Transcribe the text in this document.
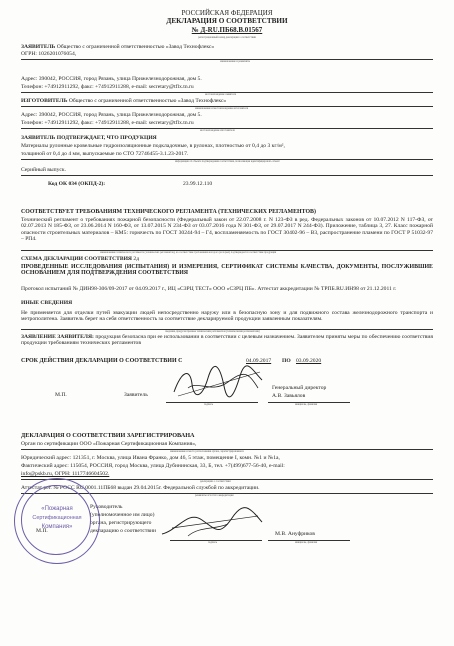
РОССИЙСКАЯ ФЕДЕРАЦИЯ
ДЕКЛАРАЦИЯ О СООТВЕТСТВИИ
№ Д-RU.ПБ68.В.01567
регистрационный номер декларации о соответствии
ЗАЯВИТЕЛЬ Общество с ограниченной ответственностью «Завод Технофлекс»
ОГРН: 1026201076054,
наименование и реквизиты
Адрес: 390042, РОССИЯ, город Рязань, улица Прижелезнодорожная, дом 5.
Телефон: +74912911292, факс: +74912911288, e-mail: secretary@tflx.tn.ru
местонахождение заявителя
ИЗГОТОВИТЕЛЬ Общество с ограниченной ответственностью «Завод Технофлекс»
наименование и местонахождение изготовителя
Адрес: 390042, РОССИЯ, город Рязань, улица Прижелезнодорожная, дом 5.
Телефон: +74912911292, факс: +74912911288, e-mail: secretary@tflx.tn.ru
местонахождение изготовителя
ЗАЯВИТЕЛЬ ПОДТВЕРЖДАЕТ, ЧТО ПРОДУКЦИЯ
Материалы рулонные кровельные гидроизоляционные подкладочные, в рулонах, плотностью от 0,4 до 3 кг/м²,
толщиной от 0,4 до 4 мм, выпускаемые по СТО 72746455-3.1.23-2017.
информация об объекте подтверждения соответствия, позволяющая идентифицировать объект
Серийный выпуск.
Код ОК 034 (ОКПД-2):	23.99.12.110
СООТВЕТСТВУЕТ ТРЕБОВАНИЯМ ТЕХНИЧЕСКОГО РЕГЛАМЕНТА (ТЕХНИЧЕСКИХ РЕГЛАМЕНТОВ)
Технический регламент о требованиях пожарной безопасности (Федеральный закон от 22.07.2008 г. N 123-ФЗ в ред. Федеральных законов от 10.07.2012 N 117-ФЗ, от 02.07.2013 N 185-ФЗ, от 23.06.2014 N 160-ФЗ, от 13.07.2015 N 234-ФЗ от 03.07.2016 года N 301-ФЗ, от 29.07.2017 N 244-ФЗ). Приложение, таблица 3, 27. Класс пожарной опасности строительных материалов – КМ5: горючесть по ГОСТ 30244-94 – Г4, воспламеняемость по ГОСТ 30402-96 – В3, распространение пламени по ГОСТ Р 51032-97 – РП4.
наименование технического регламента (технических регламентов), на соответствие требованиям которого (которых) подтверждается соответствие продукции
СХЕМА ДЕКЛАРАЦИИ СООТВЕТСТВИЯ 2д
ПРОВЕДЕННЫЕ ИССЛЕДОВАНИЯ (ИСПЫТАНИЯ) И ИЗМЕРЕНИЯ, СЕРТИФИКАТ СИСТЕМЫ КАЧЕСТВА, ДОКУМЕНТЫ, ПОСЛУЖИВШИЕ ОСНОВАНИЕМ ДЛЯ ПОДТВЕРЖДЕНИЯ СООТВЕТСТВИЯ
Протокол испытаний № ДИН98-306/09-2017 от 04.09.2017 г., ИЦ «СЗРЦ ТЕСТ» ООО «СЗРЦ ПБ». Аттестат аккредитации № ТРПБ.RU.ИН98 от 21.12.2011 г.
ИНЫЕ СВЕДЕНИЯ
Не применяется для отделки путей эвакуации людей непосредственно наружу или в безопасную зону и для подвижного состава железнодорожного транспорта и метрополитена. Заявитель берет на себя ответственность за соответствие декларируемой продукции заявленным показателям.
сведения, предусмотренные техническим регламентом (техническими регламентами)
ЗАЯВЛЕНИЕ ЗАЯВИТЕЛЯ: продукция безопасна при ее использовании в соответствии с целевым назначением. Заявителем приняты меры по обеспечению соответствия продукции требованиям технических регламентов
СРОК ДЕЙСТВИЯ ДЕКЛАРАЦИИ О СООТВЕТСТВИИ С	04.09.2017 ПО 03.09.2020
М.П.	Заявитель
подпись
Генеральный директор
А.В. Завьялов
инициалы, фамилия
ДЕКЛАРАЦИЯ О СООТВЕТСТВИИ ЗАРЕГИСТРИРОВАНА
Орган по сертификации ООО «Пожарная Сертификационная Компания»,
наименование и место расположения органа, зарегистрировавшего
Юридический адрес: 121351, г. Москва, улица Ивана Франко, дом 46, 5 этаж, помещение I, комн. №1 и №1а,
Фактический адрес: 115054, РОССИЯ, город Москва, улица Дубининская, 33, Б, тел. +7(499)677-56-40, e-mail:
info@pskb.ru, ОГРН: 1117746604502.
декларацию о соответствии
Аттестат рег. № РОСС RU.0001.11ПБ68 выдан 29.04.2015г. Федеральной службой по аккредитации.
реквизиты аттестата аккредитации
М.П.
Руководитель
(уполномоченное им лицо)
органа, регистрирующего
декларацию о соответствии
подпись
М.В. Ануфриков
инициалы, фамилия
«Пожарная
Сертификационная
Компания»
